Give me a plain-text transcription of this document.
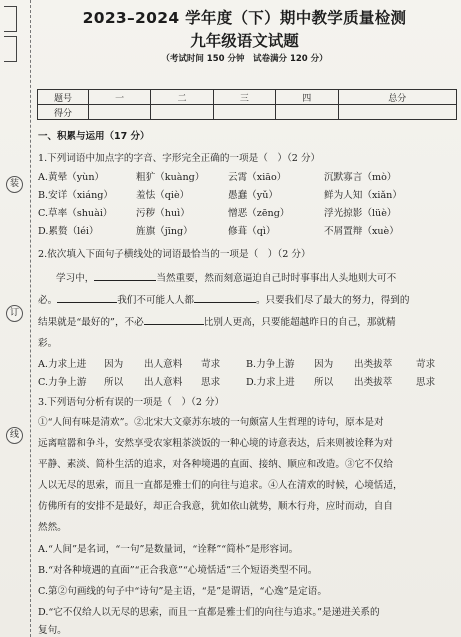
装
订
线
2023–2024 学年度（下）期中教学质量检测
九年级语文试题
（考试时间 150 分钟　试卷满分 120 分）
题号	一	二	三	四	总分
得分					
一、积累与运用（17 分）
1.下列词语中加点字的字音、字形完全正确的一项是（　）（2 分）
A.黄晕（yùn）	粗犷（kuàng） 云霄（xiāo）	沉默寡言（mò）
B.安详（xiáng） 羞怯（qiè）	愚蠢（yǔ）	鲜为人知（xiǎn）
C.草率（shuài） 污秽（huì）	憎恶（zēng）	浮光掠影（lüè）
D.累赘（léi）	旌旗（jīng）	修葺（qì）	不屑置辩（xuè）
2.依次填入下面句子横线处的词语最恰当的一项是（　）（2 分）
学习中，	当然重要，然而刻意逼迫自己时时事事出人头地则大可不
必。	我们不可能人人都	。只要我们尽了最大的努力，得到的
结果就是“最好的”，不必	比别人更高，只要能超越昨日的自己，那就精
彩。
A.力求上进 因为 出人意料 苛求	B.力争上游 因为 出类拔萃 苛求
C.力争上游 所以 出人意料 思求	D.力求上进 所以 出类拔萃 思求
3.下列语句分析有误的一项是（　）（2 分）
①“人间有味是清欢”。②北宋大文豪苏东坡的一句颇富人生哲理的诗句，原本是对
远离喧嚣和争斗，安然享受农家粗茶淡饭的一种心境的诗意表达，后来则被诠释为对
平静、素淡、简朴生活的追求，对各种境遇的直面、接纳、顺应和改造。③它不仅给
人以无尽的思索，而且一直都是雅士们的向往与追求。④人在清欢的时候，心境恬适，
仿佛所有的安排不是最好，却正合我意，犹如依山就势，顺木行舟，应时而动，自自
然然。
A.“人间”是名词，“一句”是数量词，“诠释”“简朴”是形容词。
B.“对各种境遇的直面”“正合我意”“心境恬适”三个短语类型不同。
C.第②句画线的句子中“诗句”是主语，“是”是谓语，“心逸”是定语。
D.“它不仅给人以无尽的思索，而且一直都是雅士们的向往与追求。”是递进关系的
复句。
